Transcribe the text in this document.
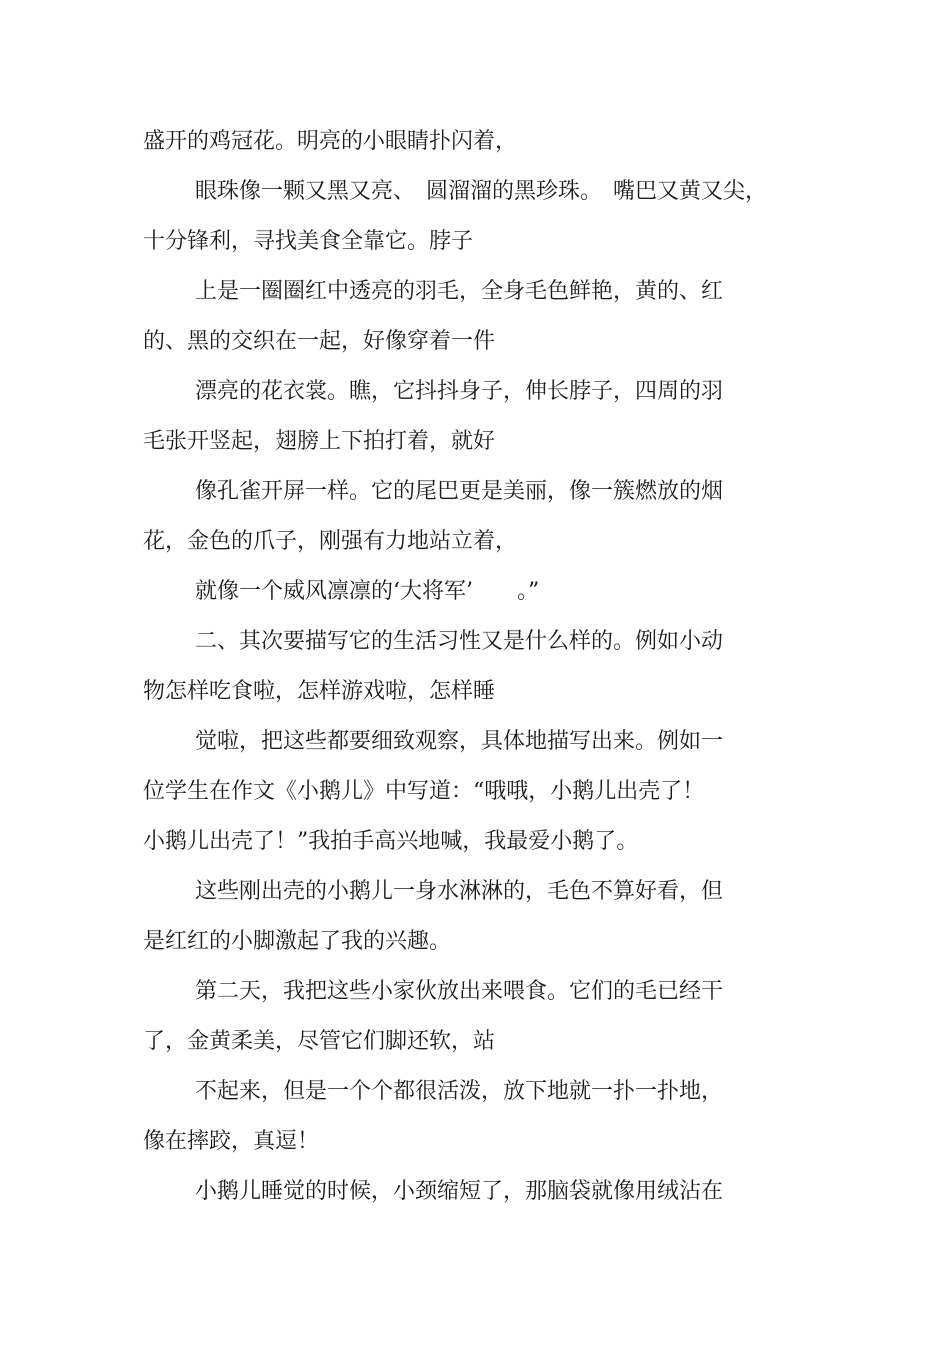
盛开的鸡冠花。明亮的小眼睛扑闪着，

眼珠像一颗又黑又亮、　圆溜溜的黑珍珠。　嘴巴又黄又尖，

十分锋利，寻找美食全靠它。脖子

上是一圈圈红中透亮的羽毛，全身毛色鲜艳，黄的、红

的、黑的交织在一起，好像穿着一件

漂亮的花衣裳。瞧，它抖抖身子，伸长脖子，四周的羽

毛张开竖起，翅膀上下拍打着，就好

像孔雀开屏一样。它的尾巴更是美丽，像一簇燃放的烟

花，金色的爪子，刚强有力地站立着，

就像一个威风凛凛的‘大将军’　　。”

二、其次要描写它的生活习性又是什么样的。例如小动

物怎样吃食啦，怎样游戏啦，怎样睡

觉啦，把这些都要细致观察，具体地描写出来。例如一

位学生在作文《小鹅儿》中写道：“哦哦，小鹅儿出壳了！

小鹅儿出壳了！”我拍手高兴地喊，我最爱小鹅了。

这些刚出壳的小鹅儿一身水淋淋的，毛色不算好看，但

是红红的小脚激起了我的兴趣。

第二天，我把这些小家伙放出来喂食。它们的毛已经干

了，金黄柔美，尽管它们脚还软，站

不起来，但是一个个都很活泼，放下地就一扑一扑地，

像在摔跤，真逗！

小鹅儿睡觉的时候，小颈缩短了，那脑袋就像用绒沾在
